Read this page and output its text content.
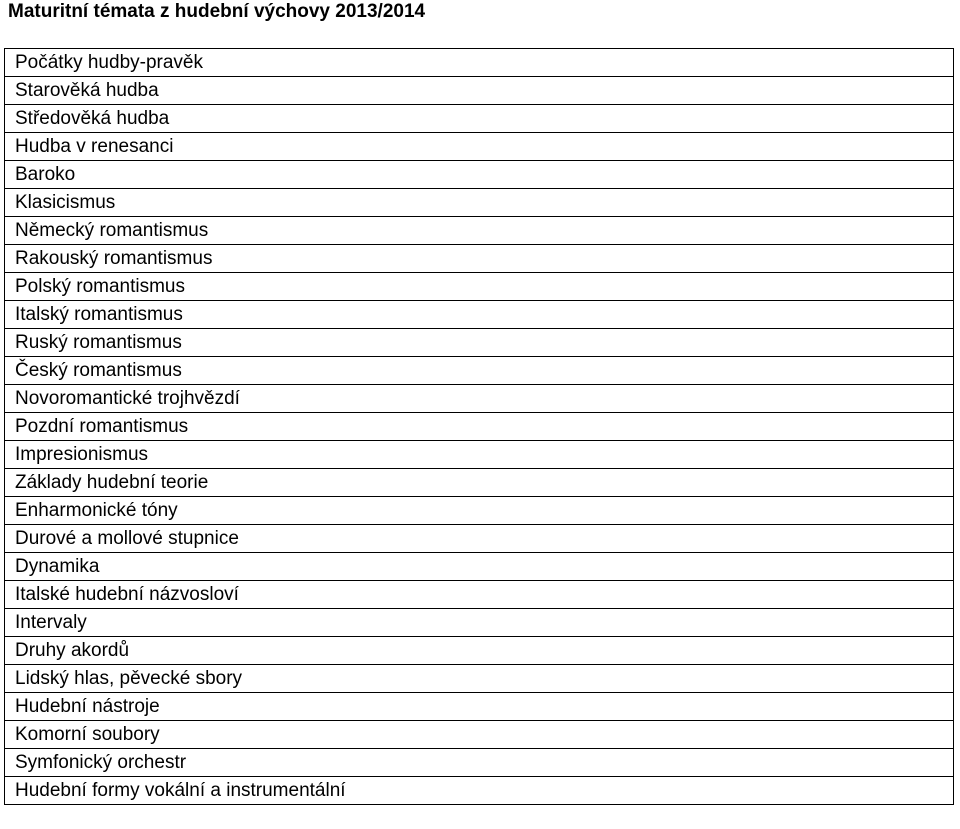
Maturitní témata z hudební výchovy 2013/2014
Počátky hudby-pravěk
Starověká hudba
Středověká hudba
Hudba v renesanci
Baroko
Klasicismus
Německý romantismus
Rakouský romantismus
Polský romantismus
Italský romantismus
Ruský romantismus
Český romantismus
Novoromantické trojhvězdí
Pozdní romantismus
Impresionismus
Základy hudební teorie
Enharmonické tóny
Durové a mollové stupnice
Dynamika
Italské hudební názvosloví
Intervaly
Druhy akordů
Lidský hlas, pěvecké sbory
Hudební nástroje
Komorní soubory
Symfonický orchestr
Hudební formy vokální a instrumentální
